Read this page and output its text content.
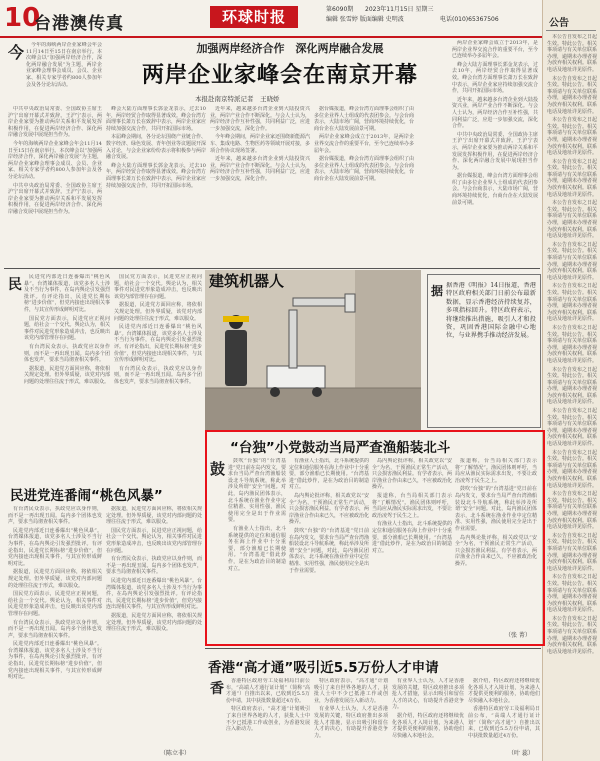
10
台港澳传真	环球时报	第6090期 2023年11月15日 星期三
编辑 张雪婷 版面编辑 史明波	电话(010)65367506	公告

本公告自发布之日起生效。特此公告。相关事项请与有关单位联系办理，逾期未办理者视为放弃相关权利。联系电话及地址详见原件。

本公告自发布之日起生效。特此公告。相关事项请与有关单位联系办理，逾期未办理者视为放弃相关权利。联系电话及地址详见原件。

本公告自发布之日起生效。特此公告。相关事项请与有关单位联系办理，逾期未办理者视为放弃相关权利。联系电话及地址详见原件。

本公告自发布之日起生效。特此公告。相关事项请与有关单位联系办理，逾期未办理者视为放弃相关权利。联系电话及地址详见原件。

本公告自发布之日起生效。特此公告。相关事项请与有关单位联系办理，逾期未办理者视为放弃相关权利。联系电话及地址详见原件。

本公告自发布之日起生效。特此公告。相关事项请与有关单位联系办理，逾期未办理者视为放弃相关权利。联系电话及地址详见原件。

本公告自发布之日起生效。特此公告。相关事项请与有关单位联系办理，逾期未办理者视为放弃相关权利。联系电话及地址详见原件。

本公告自发布之日起生效。特此公告。相关事项请与有关单位联系办理，逾期未办理者视为放弃相关权利。联系电话及地址详见原件。

本公告自发布之日起生效。特此公告。相关事项请与有关单位联系办理，逾期未办理者视为放弃相关权利。联系电话及地址详见原件。

本公告自发布之日起生效。特此公告。相关事项请与有关单位联系办理，逾期未办理者视为放弃相关权利。联系电话及地址详见原件。

本公告自发布之日起生效。特此公告。相关事项请与有关单位联系办理，逾期未办理者视为放弃相关权利。联系电话及地址详见原件。

本公告自发布之日起生效。特此公告。相关事项请与有关单位联系办理，逾期未办理者视为放弃相关权利。联系电话及地址详见原件。

本公告自发布之日起生效。特此公告。相关事项请与有关单位联系办理，逾期未办理者视为放弃相关权利。联系电话及地址详见原件。

本公告自发布之日起生效。特此公告。相关事项请与有关单位联系办理，逾期未办理者视为放弃相关权利。联系电话及地址详见原件。

本公告自发布之日起生效。特此公告。相关事项请与有关单位联系办理，逾期未办理者视为放弃相关权利。联系电话及地址详见原件。

加强两岸经济合作　深化两岸融合发展
两岸企业家峰会在南京开幕
本报赴南京特派记者　王晓娇
今	今年的海峡两岸企业家峰会年会11月14日至15日在南京举行。本次峰会以“加强两岸经济合作，深化两岸融合发展”为主题，两岸企业家峰会理事会成员、会员、企业家、相关专家学者约800人参加年会及各分论坛活动。

中共中央政治局常委、全国政协主席王沪宁出席开幕式并致辞。王沪宁表示，两岸企业家要为推动两岸关系和平发展发挥积极作用，在促进两岸经济合作、深化两岸融合发展中展现担当作为。

今年的海峡两岸企业家峰会年会11月14日至15日在南京举行。本次峰会以“加强两岸经济合作，深化两岸融合发展”为主题，两岸企业家峰会理事会成员、会员、企业家、相关专家学者约800人参加年会及各分论坛活动。

中共中央政治局常委、全国政协主席王沪宁出席开幕式并致辞。王沪宁表示，两岸企业家要为推动两岸关系和平发展发挥积极作用，在促进两岸经济合作、深化两岸融合发展中展现担当作为。

峰会大陆方面理事长郭金龙表示，过去10年，两岸经贸合作取得显著成效。峰会台湾方面理事长萧万长在致辞中表示，两岸企业家应持续加强交流合作，共同开拓国际市场。

本届峰会期间，各分论坛围绕产业链合作、数字经济、绿色发展、青年创业等议题展开深入讨论，与会企业家纷纷表示将积极参与两岸融合发展。

峰会大陆方面理事长郭金龙表示，过去10年，两岸经贸合作取得显著成效。峰会台湾方面理事长萧万长在致辞中表示，两岸企业家应持续加强交流合作，共同开拓国际市场。

近年来，越来越多台湾企业到大陆投资兴业，两岸产业合作不断深化。与会人士认为，两岸经济合作互补性强，共同利益广泛，应进一步加强交流，深化合作。

今年峰会期间，两岸企业家还围绕新能源汽车、集成电路、生物医药等领域开展对接，多项合作协议现场签署。

近年来，越来越多台湾企业到大陆投资兴业，两岸产业合作不断深化。与会人士认为，两岸经济合作互补性强，共同利益广泛，应进一步加强交流，深化合作。

据台媒报道，峰会台湾方面理事会组织了由多位企业界人士组成的代表团参会。与会台商表示，大陆市场广阔，营商环境持续优化，台商台企在大陆发展前景可期。

两岸企业家峰会成立于2013年，是两岸企业界交流合作的重要平台，至今已连续举办多届年会。

据台媒报道，峰会台湾方面理事会组织了由多位企业界人士组成的代表团参会。与会台商表示，大陆市场广阔，营商环境持续优化，台商台企在大陆发展前景可期。

两岸企业家峰会成立于2013年，是两岸企业界交流合作的重要平台，至今已连续举办多届年会。

峰会大陆方面理事长郭金龙表示，过去10年，两岸经贸合作取得显著成效。峰会台湾方面理事长萧万长在致辞中表示，两岸企业家应持续加强交流合作，共同开拓国际市场。

近年来，越来越多台湾企业到大陆投资兴业，两岸产业合作不断深化。与会人士认为，两岸经济合作互补性强，共同利益广泛，应进一步加强交流，深化合作。

中共中央政治局常委、全国政协主席王沪宁出席开幕式并致辞。王沪宁表示，两岸企业家要为推动两岸关系和平发展发挥积极作用，在促进两岸经济合作、深化两岸融合发展中展现担当作为。

据台媒报道，峰会台湾方面理事会组织了由多位企业界人士组成的代表团参会。与会台商表示，大陆市场广阔，营商环境持续优化，台商台企在大陆发展前景可期。

民	民进党内部近日连番爆出“桃色风暴”。台湾媒体报道，该党多名人士涉及不当行为事件，在岛内舆论引发强烈批评。有评论指出，民进党长期标榜“进步价值”，但党内接连出现相关事件，与其宣传形成鲜明对比。

国民党方面表示，民进党应正视问题，给社会一个交代。舆论认为，相关事件对民进党形象造成冲击，也反映出该党内部管理存在问题。

有台湾民众表示，执政党应以身作则，而不是一再出现丑闻。岛内多个团体也发声，要求当局彻查相关事件。

据报道，民进党方面回应称，将依相关规定处理。但外界质疑，该党对内部问题的处理往往流于形式，难以服众。

国民党方面表示，民进党应正视问题，给社会一个交代。舆论认为，相关事件对民进党形象造成冲击，也反映出该党内部管理存在问题。

据报道，民进党方面回应称，将依相关规定处理。但外界质疑，该党对内部问题的处理往往流于形式，难以服众。

民进党内部近日连番爆出“桃色风暴”。台湾媒体报道，该党多名人士涉及不当行为事件，在岛内舆论引发强烈批评。有评论指出，民进党长期标榜“进步价值”，但党内接连出现相关事件，与其宣传形成鲜明对比。

有台湾民众表示，执政党应以身作则，而不是一再出现丑闻。岛内多个团体也发声，要求当局彻查相关事件。

民进党连番闹“桃色风暴”

有台湾民众表示，执政党应以身作则，而不是一再出现丑闻。岛内多个团体也发声，要求当局彻查相关事件。

民进党内部近日连番爆出“桃色风暴”。台湾媒体报道，该党多名人士涉及不当行为事件，在岛内舆论引发强烈批评。有评论指出，民进党长期标榜“进步价值”，但党内接连出现相关事件，与其宣传形成鲜明对比。

据报道，民进党方面回应称，将依相关规定处理。但外界质疑，该党对内部问题的处理往往流于形式，难以服众。

国民党方面表示，民进党应正视问题，给社会一个交代。舆论认为，相关事件对民进党形象造成冲击，也反映出该党内部管理存在问题。

有台湾民众表示，执政党应以身作则，而不是一再出现丑闻。岛内多个团体也发声，要求当局彻查相关事件。

民进党内部近日连番爆出“桃色风暴”。台湾媒体报道，该党多名人士涉及不当行为事件，在岛内舆论引发强烈批评。有评论指出，民进党长期标榜“进步价值”，但党内接连出现相关事件，与其宣传形成鲜明对比。

据报道，民进党方面回应称，将依相关规定处理。但外界质疑，该党对内部问题的处理往往流于形式，难以服众。

国民党方面表示，民进党应正视问题，给社会一个交代。舆论认为，相关事件对民进党形象造成冲击，也反映出该党内部管理存在问题。

有台湾民众表示，执政党应以身作则，而不是一再出现丑闻。岛内多个团体也发声，要求当局彻查相关事件。

民进党内部近日连番爆出“桃色风暴”。台湾媒体报道，该党多名人士涉及不当行为事件，在岛内舆论引发强烈批评。有评论指出，民进党长期标榜“进步价值”，但党内接连出现相关事件，与其宣传形成鲜明对比。

据报道，民进党方面回应称，将依相关规定处理。但外界质疑，该党对内部问题的处理往往流于形式，难以服众。

（陈立非）
建筑机器人
据 据香港《明报》14日报道，香港特区政府相关部门日前公布最新数据，显示香港经济持续复苏，多项指标回升。特区政府表示，将继续推出措施，吸引人才和投资，巩固香港国际金融中心地位，与业界携手推动经济发展。
“台独”小党鼓动当局严查渔船装北斗
鼓	鼓吹“台独”的“台湾基进”党日前在岛内发文，要求台当局严查台湾渔船装设北斗导航系统，称此举涉及所谓“安全”问题。对此，岛内渔民团体表示，北斗系统在渔业作业中定位精准、实用性强，渔民使用完全是出于作业需要。

有渔业人士指出，北斗系统提供的定位和通信服务在海上作业中十分重要，部分渔船已长期使用。“台湾基进”借此炒作，是在为政治目的制造对立。

有渔业人士指出，北斗系统提供的定位和通信服务在海上作业中十分重要，部分渔船已长期使用。“台湾基进”借此炒作，是在为政治目的制造对立。

岛内舆论批评称，相关政党以“安全”为名，干预渔民正常生产活动，只会损害渔民利益。有学者表示，两岸渔业合作由来已久，不应被政治化操弄。

鼓吹“台独”的“台湾基进”党日前在岛内发文，要求台当局严查台湾渔船装设北斗导航系统，称此举涉及所谓“安全”问题。对此，岛内渔民团体表示，北斗系统在渔业作业中定位精准、实用性强，渔民使用完全是出于作业需要。

岛内舆论批评称，相关政党以“安全”为名，干预渔民正常生产活动，只会损害渔民利益。有学者表示，两岸渔业合作由来已久，不应被政治化操弄。

报道称，台当局相关部门表示将“了解情况”。渔民团体则呼吁，当局应从渔民实际需求出发，不要让政治凌驾于民生之上。

有渔业人士指出，北斗系统提供的定位和通信服务在海上作业中十分重要，部分渔船已长期使用。“台湾基进”借此炒作，是在为政治目的制造对立。

报道称，台当局相关部门表示将“了解情况”。渔民团体则呼吁，当局应从渔民实际需求出发，不要让政治凌驾于民生之上。

鼓吹“台独”的“台湾基进”党日前在岛内发文，要求台当局严查台湾渔船装设北斗导航系统，称此举涉及所谓“安全”问题。对此，岛内渔民团体表示，北斗系统在渔业作业中定位精准、实用性强，渔民使用完全是出于作业需要。

岛内舆论批评称，相关政党以“安全”为名，干预渔民正常生产活动，只会损害渔民利益。有学者表示，两岸渔业合作由来已久，不应被政治化操弄。

（张 菁）
香港“高才通”吸引近5.5万份人才申请
香	香港特区政府劳工及福利局日前公布，“高端人才通行证计划”（简称“高才通”）自推出以来，已收到近5.5万份申请，其中获批数量超过4万份。

特区政府表示，“高才通”计划吸引了来自世界各地的人才，获批人士中不少已抵港工作或创业，为香港发展注入新动力。

特区政府表示，“高才通”计划吸引了来自世界各地的人才，获批人士中不少已抵港工作或创业，为香港发展注入新动力。

有业界人士认为，人才是香港发展的关键，特区政府推出多项抢人才措施，显示出吸引和留住人才的决心，有助提升香港竞争力。

有业界人士认为，人才是香港发展的关键，特区政府推出多项抢人才措施，显示出吸引和留住人才的决心，有助提升香港竞争力。

据介绍，特区政府还将继续优化各项人才入境计划，为来港人才提供更便利的服务，协助他们尽快融入本地社会。

据介绍，特区政府还将继续优化各项人才入境计划，为来港人才提供更便利的服务，协助他们尽快融入本地社会。

香港特区政府劳工及福利局日前公布，“高端人才通行证计划”（简称“高才通”）自推出以来，已收到近5.5万份申请，其中获批数量超过4万份。

（叶 蕊）
